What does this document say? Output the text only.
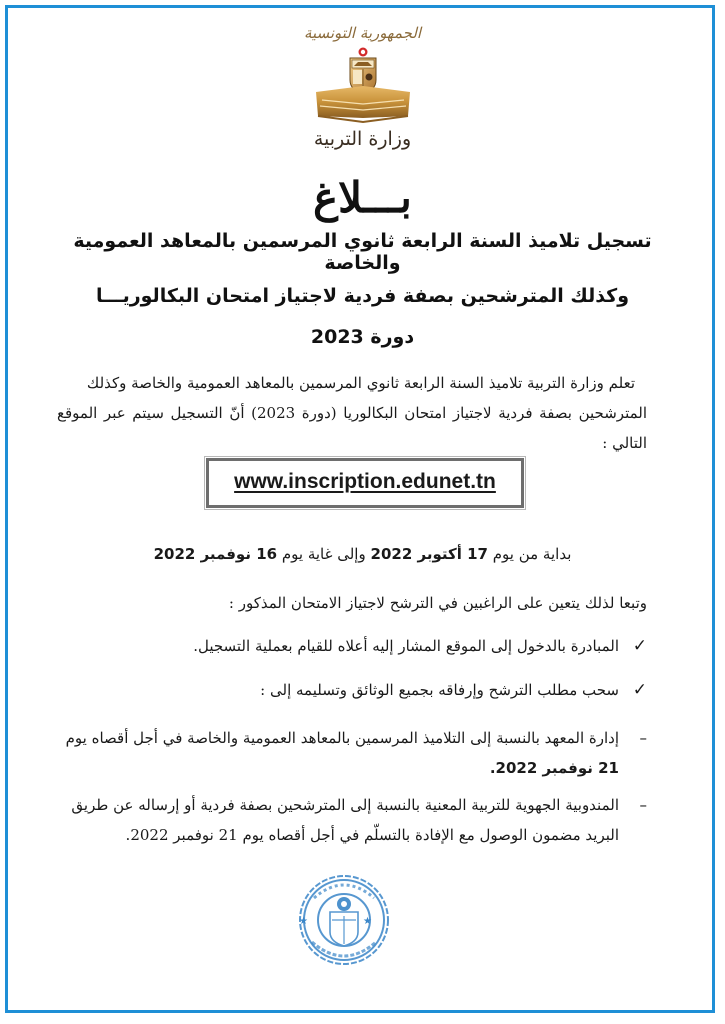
الجمهورية التونسية
وزارة التربية
بـــلاغ
تسجيل تلاميذ السنة الرابعة ثانوي المرسمين بالمعاهد العمومية والخاصة
وكذلك المترشحين بصفة فردية لاجتياز امتحان البكالوريـــا
دورة 2023
تعلم وزارة التربية تلاميذ السنة الرابعة ثانوي المرسمين بالمعاهد العمومية والخاصة وكذلك
المترشحين بصفة فردية لاجتياز امتحان البكالوريا (دورة 2023) أنّ التسجيل سيتم عبر الموقع التالي :
www.inscription.edunet.tn
بداية من يوم 17 أكتوبر 2022 وإلى غاية يوم 16 نوفمبر 2022
وتبعا لذلك يتعين على الراغبين في الترشح لاجتياز الامتحان المذكور :
✓المبادرة بالدخول إلى الموقع المشار إليه أعلاه للقيام بعملية التسجيل.
✓سحب مطلب الترشح وإرفاقه بجميع الوثائق وتسليمه إلى :
–إدارة المعهد بالنسبة إلى التلاميذ المرسمين بالمعاهد العمومية والخاصة في أجل أقصاه يوم
21 نوفمبر 2022.
–المندوبية الجهوية للتربية المعنية بالنسبة إلى المترشحين بصفة فردية أو إرساله عن طريق
البريد مضمون الوصول مع الإفادة بالتسلّم في أجل أقصاه يوم 21 نوفمبر 2022.
★	★
